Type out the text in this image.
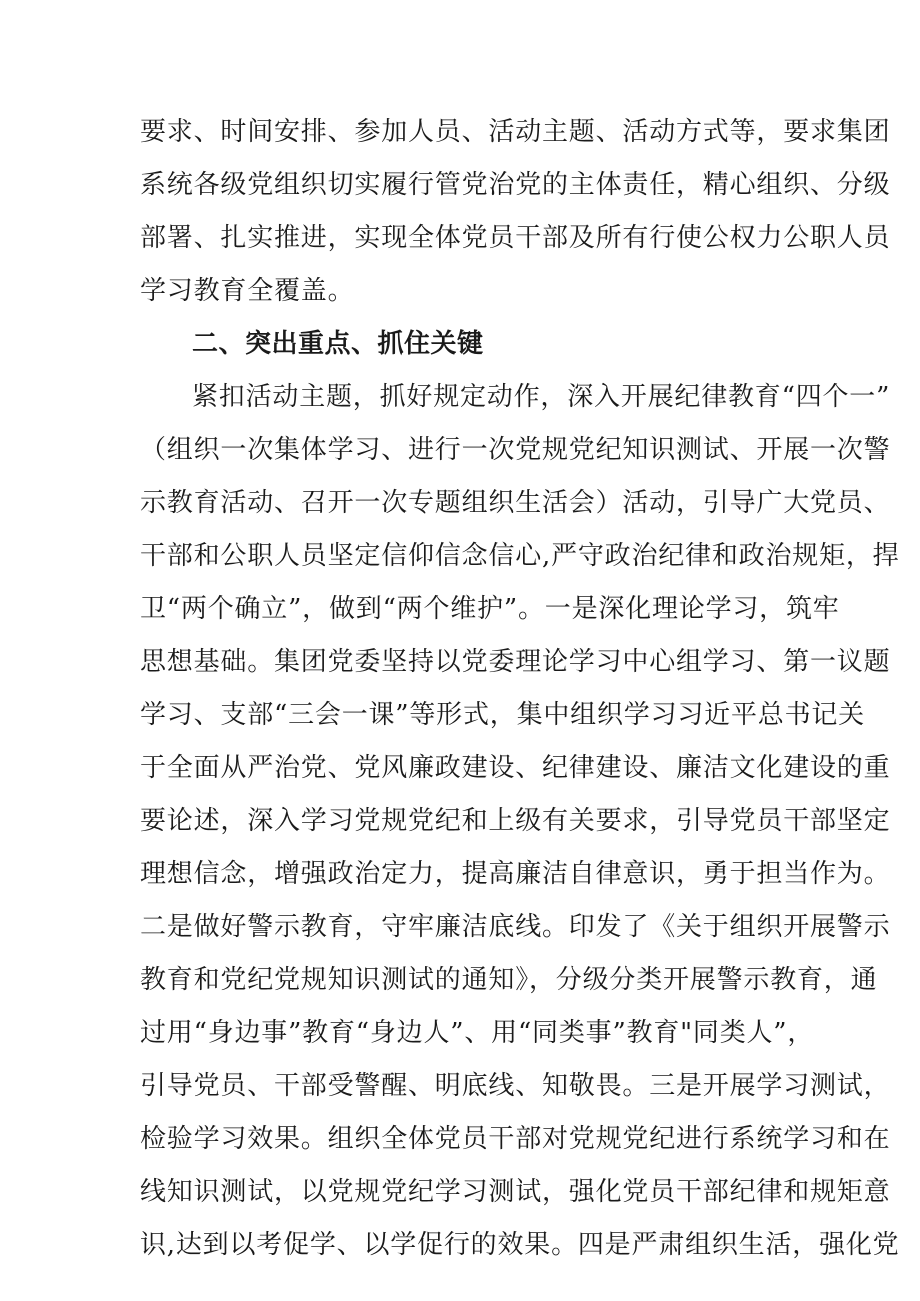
要求、时间安排、参加人员、活动主题、活动方式等，要求集团
系统各级党组织切实履行管党治党的主体责任，精心组织、分级
部署、扎实推进，实现全体党员干部及所有行使公权力公职人员
学习教育全覆盖。
二、突出重点、抓住关键
紧扣活动主题，抓好规定动作，深入开展纪律教育“四个一”
（组织一次集体学习、进行一次党规党纪知识测试、开展一次警
示教育活动、召开一次专题组织生活会）活动，引导广大党员、
干部和公职人员坚定信仰信念信心,严守政治纪律和政治规矩，捍
卫“两个确立”，做到“两个维护”。一是深化理论学习，筑牢
思想基础。集团党委坚持以党委理论学习中心组学习、第一议题
学习、支部“三会一课”等形式，集中组织学习习近平总书记关
于全面从严治党、党风廉政建设、纪律建设、廉洁文化建设的重
要论述，深入学习党规党纪和上级有关要求，引导党员干部坚定
理想信念，增强政治定力，提高廉洁自律意识，勇于担当作为。
二是做好警示教育，守牢廉洁底线。印发了《关于组织开展警示
教育和党纪党规知识测试的通知》，分级分类开展警示教育，通
过用“身边事”教育“身边人”、用“同类事”教育"同类人”，
引导党员、干部受警醒、明底线、知敬畏。三是开展学习测试，
检验学习效果。组织全体党员干部对党规党纪进行系统学习和在
线知识测试，以党规党纪学习测试，强化党员干部纪律和规矩意
识,达到以考促学、以学促行的效果。四是严肃组织生活，强化党
